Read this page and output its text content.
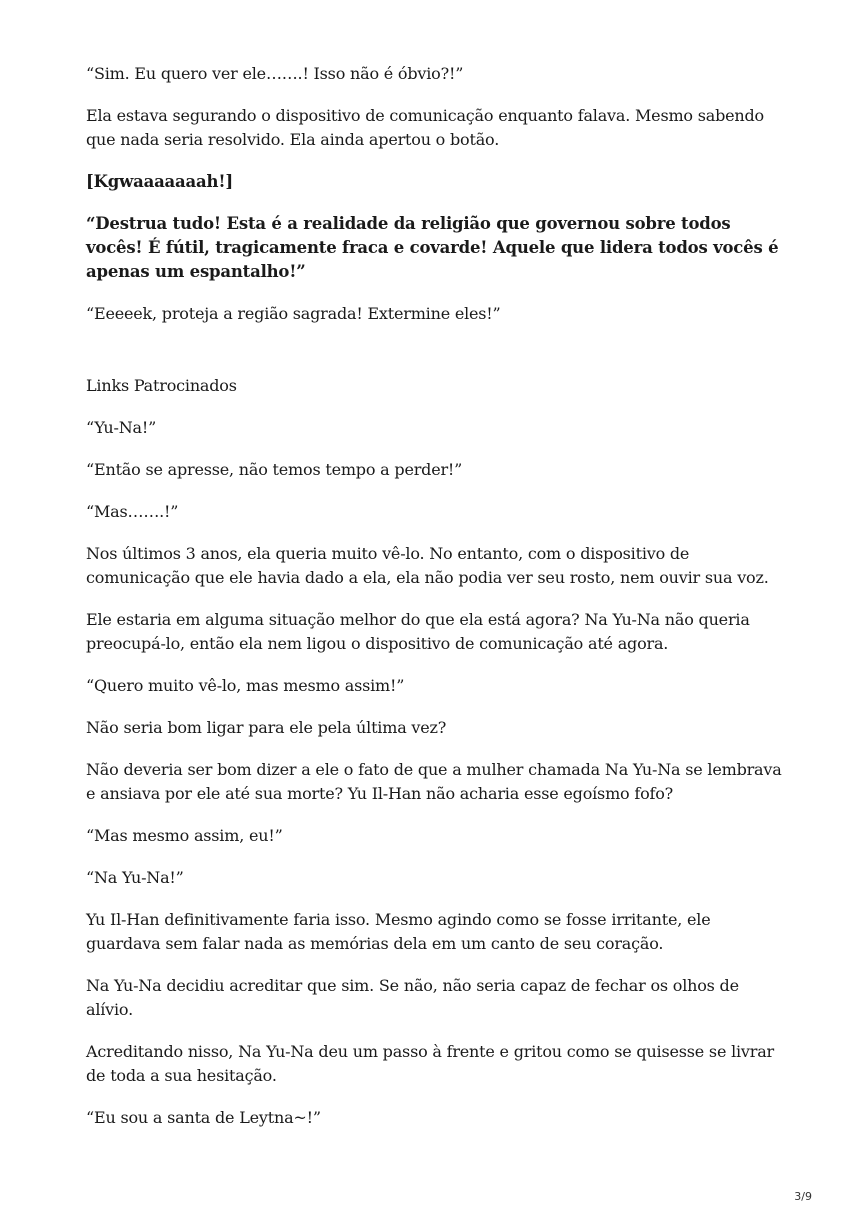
“Sim. Eu quero ver ele…….! Isso não é óbvio?!”

Ela estava segurando o dispositivo de comunicação enquanto falava. Mesmo sabendo que nada seria resolvido. Ela ainda apertou o botão.

[Kgwaaaaaaah!]

“Destrua tudo! Esta é a realidade da religião que governou sobre todos vocês! É fútil, tragicamente fraca e covarde! Aquele que lidera todos vocês é apenas um espantalho!”

“Eeeeek, proteja a região sagrada! Extermine eles!”

Links Patrocinados

“Yu-Na!”

“Então se apresse, não temos tempo a perder!”

“Mas…….!”

Nos últimos 3 anos, ela queria muito vê-lo. No entanto, com o dispositivo de comunicação que ele havia dado a ela, ela não podia ver seu rosto, nem ouvir sua voz.

Ele estaria em alguma situação melhor do que ela está agora? Na Yu-Na não queria preocupá-lo, então ela nem ligou o dispositivo de comunicação até agora.

“Quero muito vê-lo, mas mesmo assim!”

Não seria bom ligar para ele pela última vez?

Não deveria ser bom dizer a ele o fato de que a mulher chamada Na Yu-Na se lembrava e ansiava por ele até sua morte? Yu Il-Han não acharia esse egoísmo fofo?

“Mas mesmo assim, eu!”

“Na Yu-Na!”

Yu Il-Han definitivamente faria isso. Mesmo agindo como se fosse irritante, ele guardava sem falar nada as memórias dela em um canto de seu coração.

Na Yu-Na decidiu acreditar que sim. Se não, não seria capaz de fechar os olhos de alívio.

Acreditando nisso, Na Yu-Na deu um passo à frente e gritou como se quisesse se livrar de toda a sua hesitação.

“Eu sou a santa de Leytna~!”

3/9
